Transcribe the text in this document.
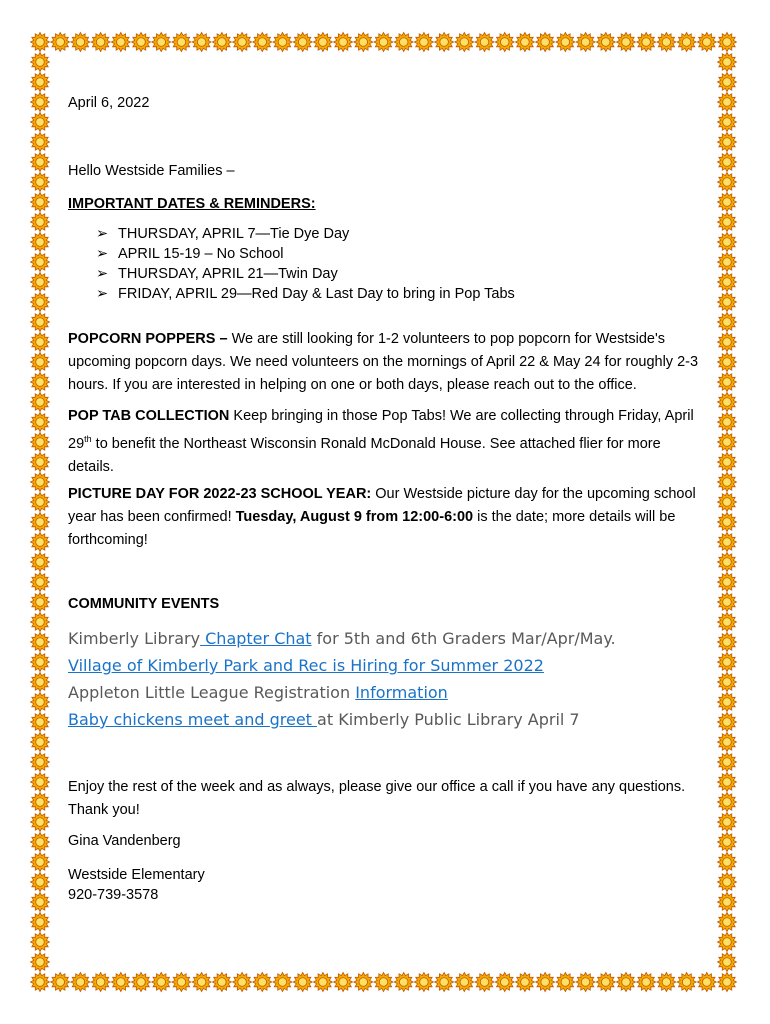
April 6, 2022
Hello Westside Families –
IMPORTANT DATES & REMINDERS:
➢ THURSDAY, APRIL 7—Tie Dye Day
➢ APRIL 15-19 – No School
➢ THURSDAY, APRIL 21—Twin Day
➢ FRIDAY, APRIL 29—Red Day & Last Day to bring in Pop Tabs
POPCORN POPPERS – We are still looking for 1-2 volunteers to pop popcorn for Westside's upcoming popcorn days. We need volunteers on the mornings of April 22 & May 24 for roughly 2-3 hours. If you are interested in helping on one or both days, please reach out to the office.
POP TAB COLLECTION Keep bringing in those Pop Tabs! We are collecting through Friday, April 29th to benefit the Northeast Wisconsin Ronald McDonald House. See attached flier for more details.
PICTURE DAY FOR 2022-23 SCHOOL YEAR: Our Westside picture day for the upcoming school year has been confirmed! Tuesday, August 9 from 12:00-6:00 is the date; more details will be forthcoming!
COMMUNITY EVENTS
Kimberly Library Chapter Chat for 5th and 6th Graders Mar/Apr/May.
Village of Kimberly Park and Rec is Hiring for Summer 2022
Appleton Little League Registration Information
Baby chickens meet and greet at Kimberly Public Library April 7
Enjoy the rest of the week and as always, please give our office a call if you have any questions. Thank you!
Gina Vandenberg
Westside Elementary
920-739-3578
